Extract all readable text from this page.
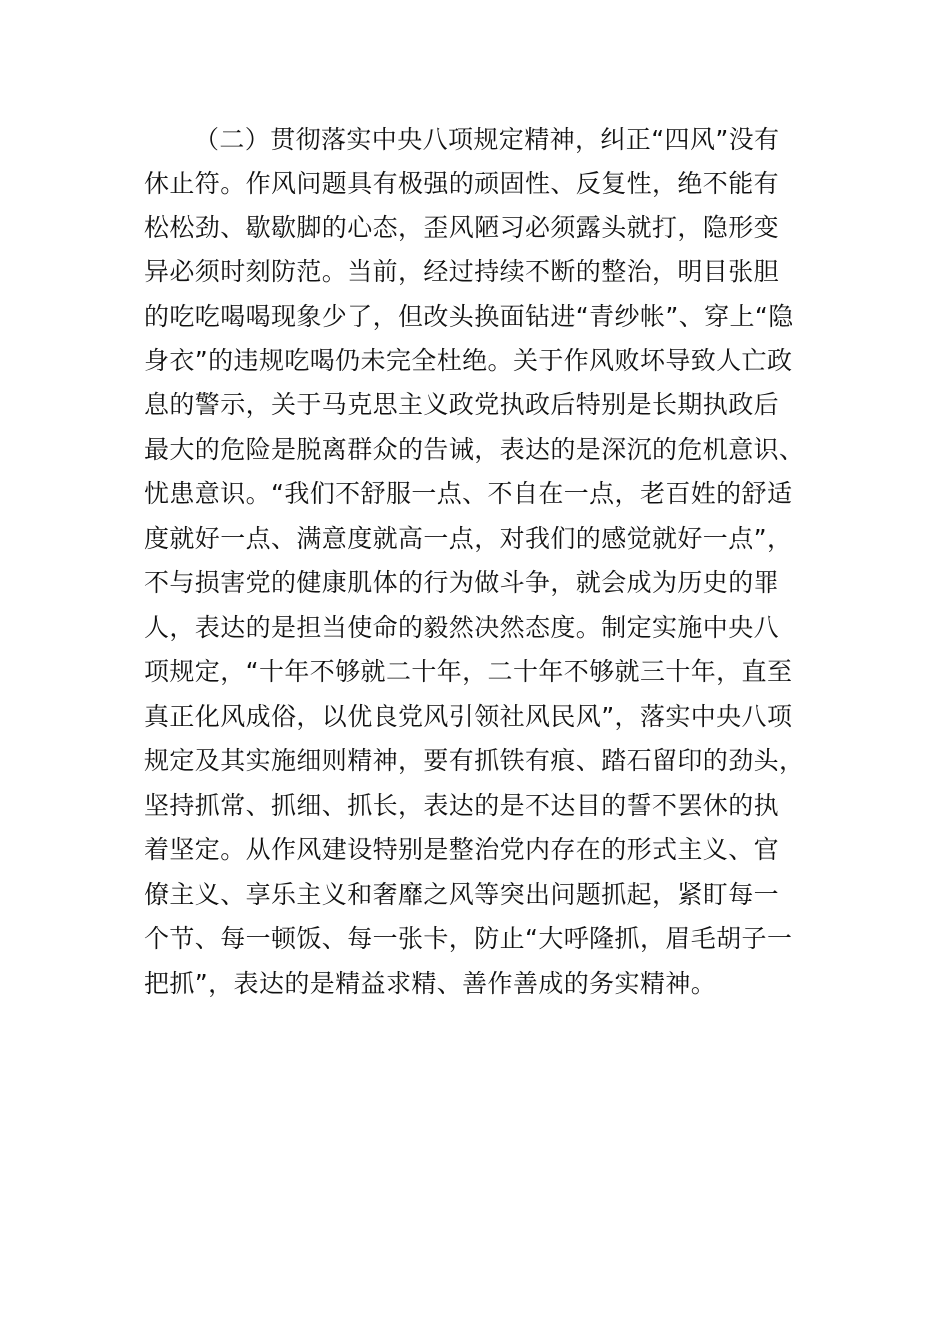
（二）贯彻落实中央八项规定精神，纠正“四风”没有
休止符。作风问题具有极强的顽固性、反复性，绝不能有
松松劲、歇歇脚的心态，歪风陋习必须露头就打，隐形变
异必须时刻防范。当前，经过持续不断的整治，明目张胆
的吃吃喝喝现象少了，但改头换面钻进“青纱帐”、穿上“隐
身衣”的违规吃喝仍未完全杜绝。关于作风败坏导致人亡政
息的警示，关于马克思主义政党执政后特别是长期执政后
最大的危险是脱离群众的告诫，表达的是深沉的危机意识、
忧患意识。“我们不舒服一点、不自在一点，老百姓的舒适
度就好一点、满意度就高一点，对我们的感觉就好一点”，
不与损害党的健康肌体的行为做斗争，就会成为历史的罪
人，表达的是担当使命的毅然决然态度。制定实施中央八
项规定，“十年不够就二十年，二十年不够就三十年，直至
真正化风成俗，以优良党风引领社风民风”，落实中央八项
规定及其实施细则精神，要有抓铁有痕、踏石留印的劲头，
坚持抓常、抓细、抓长，表达的是不达目的誓不罢休的执
着坚定。从作风建设特别是整治党内存在的形式主义、官
僚主义、享乐主义和奢靡之风等突出问题抓起，紧盯每一
个节、每一顿饭、每一张卡，防止“大呼隆抓，眉毛胡子一
把抓”，表达的是精益求精、善作善成的务实精神。
